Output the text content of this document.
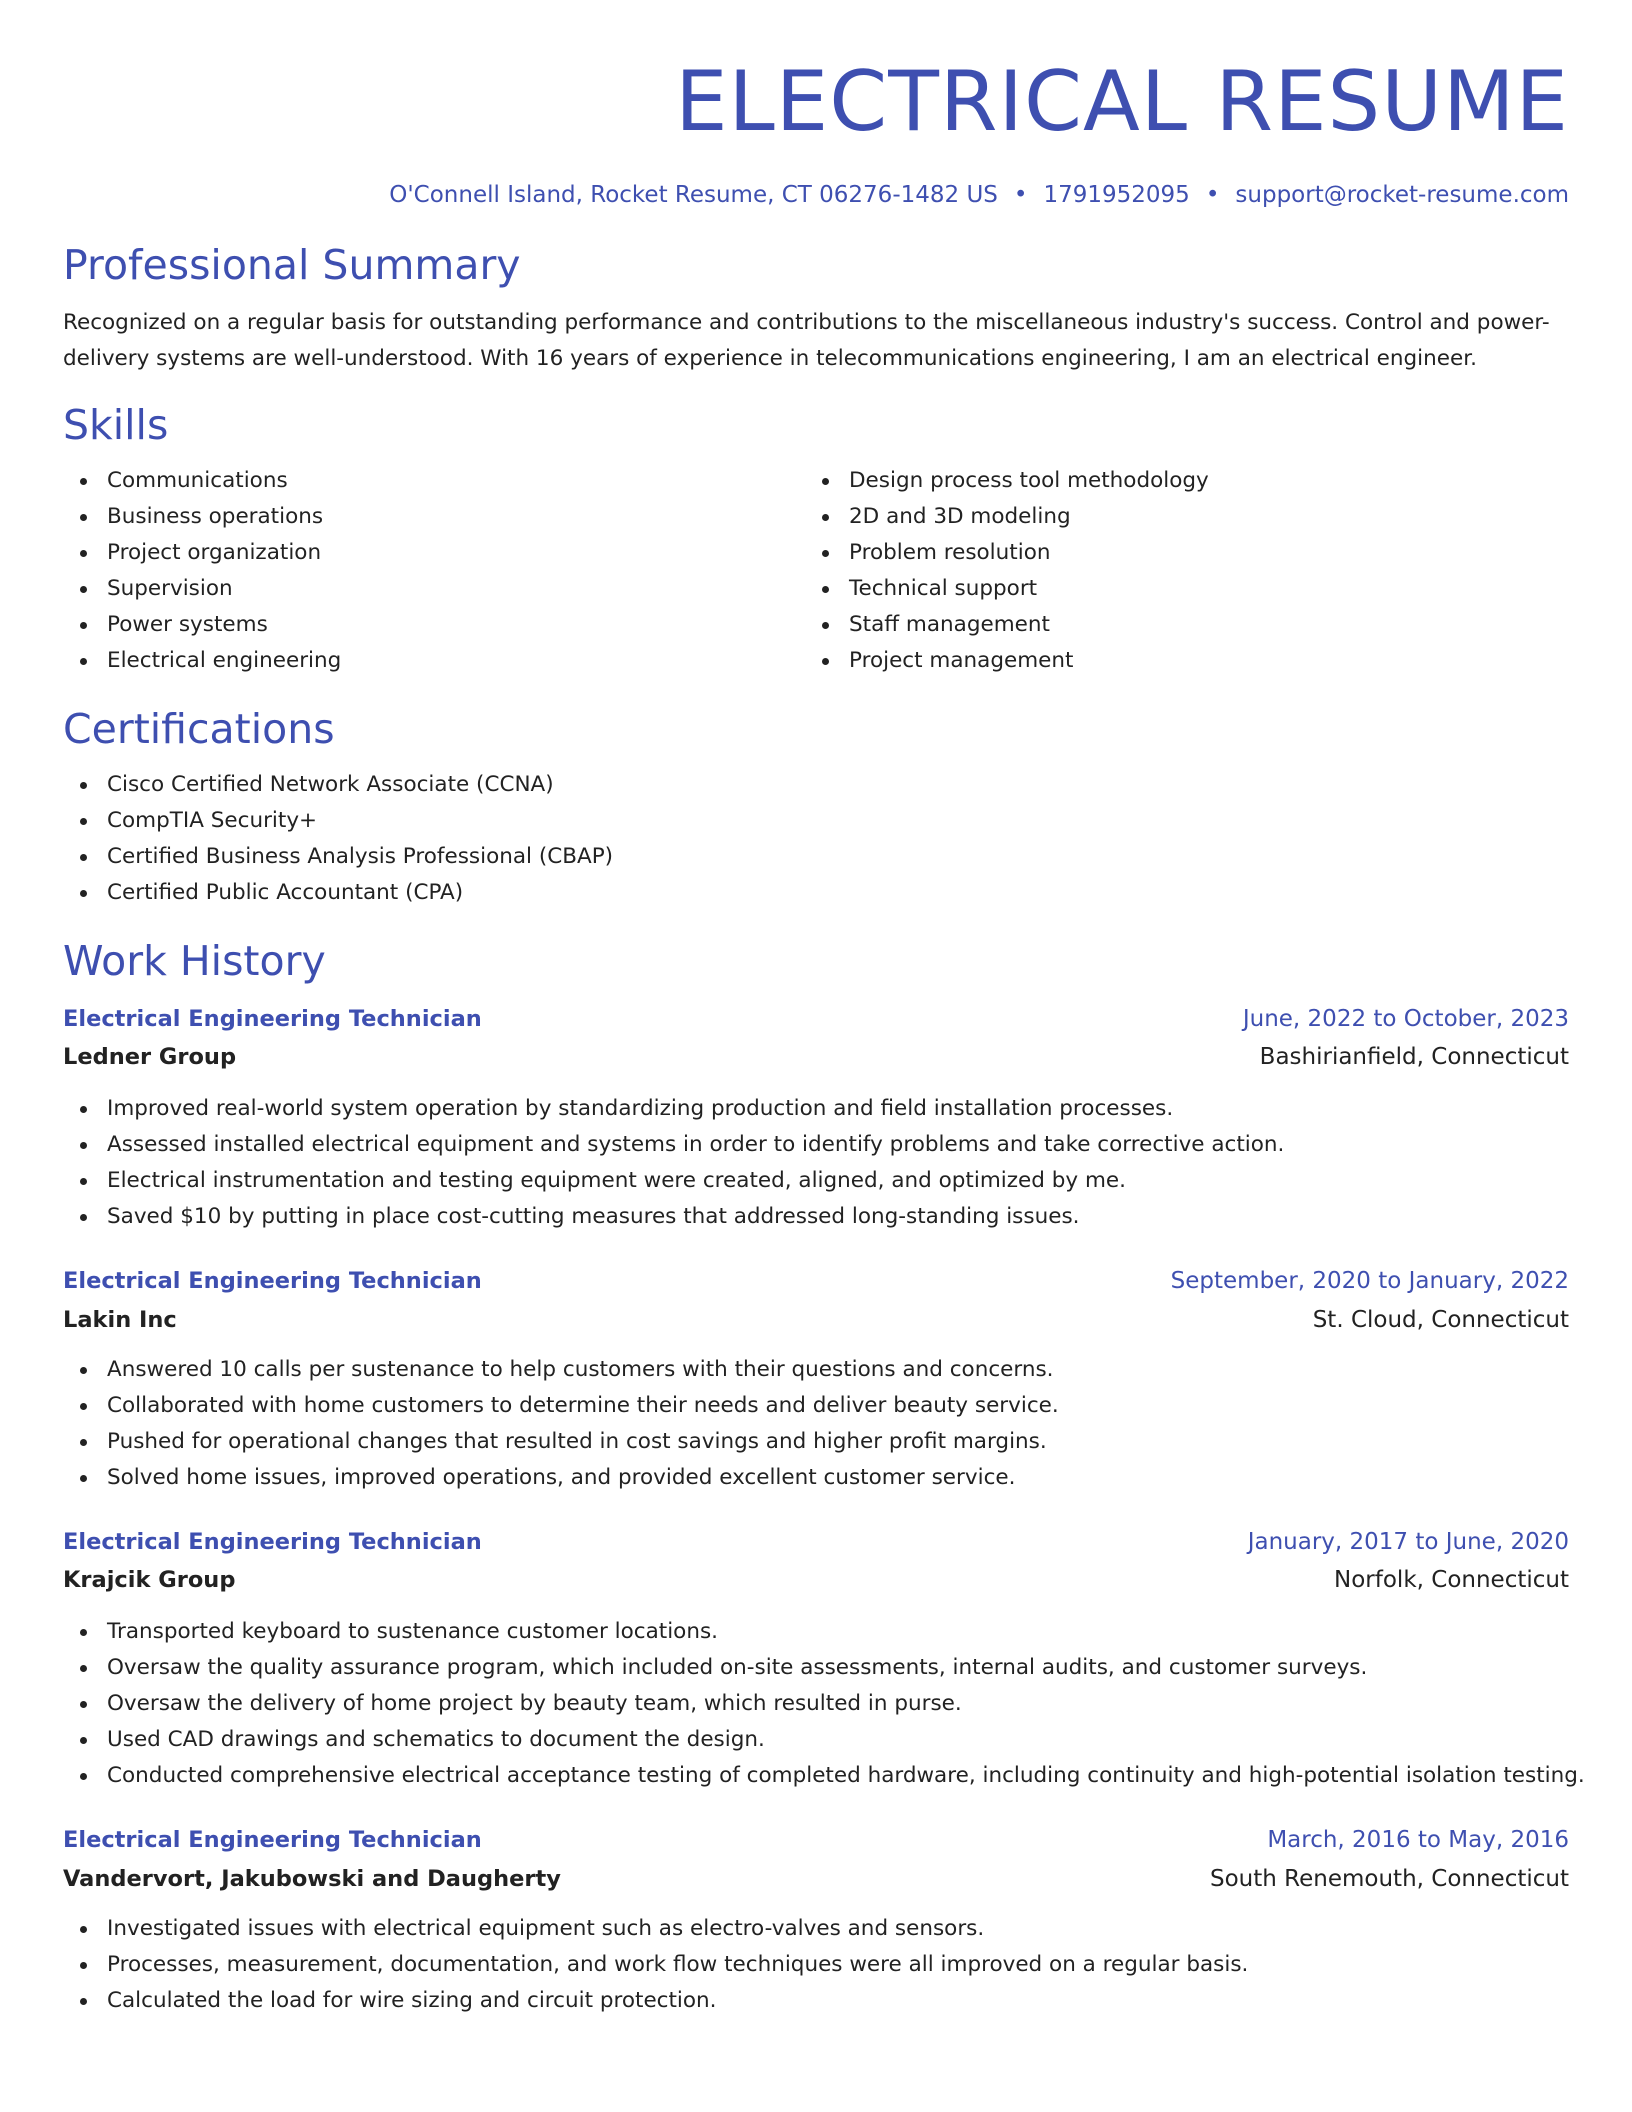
ELECTRICAL RESUME
O'Connell Island, Rocket Resume, CT 06276-1482 US • 1791952095 • support@rocket-resume.com
Professional Summary

Recognized on a regular basis for outstanding performance and contributions to the miscellaneous industry's success. Control and power-delivery systems are well-understood. With 16 years of experience in telecommunications engineering, I am an electrical engineer.

Skills
Communications
Business operations
Project organization
Supervision
Power systems
Electrical engineering
Design process tool methodology
2D and 3D modeling
Problem resolution
Technical support
Staff management
Project management
Certifications
Cisco Certified Network Associate (CCNA)
CompTIA Security+
Certified Business Analysis Professional (CBAP)
Certified Public Accountant (CPA)
Work History
Electrical Engineering Technician	June, 2022 to October, 2023
Ledner Group	Bashirianfield, Connecticut
Improved real-world system operation by standardizing production and field installation processes.
Assessed installed electrical equipment and systems in order to identify problems and take corrective action.
Electrical instrumentation and testing equipment were created, aligned, and optimized by me.
Saved $10 by putting in place cost-cutting measures that addressed long-standing issues.
Electrical Engineering Technician	September, 2020 to January, 2022
Lakin Inc	St. Cloud, Connecticut
Answered 10 calls per sustenance to help customers with their questions and concerns.
Collaborated with home customers to determine their needs and deliver beauty service.
Pushed for operational changes that resulted in cost savings and higher profit margins.
Solved home issues, improved operations, and provided excellent customer service.
Electrical Engineering Technician	January, 2017 to June, 2020
Krajcik Group	Norfolk, Connecticut
Transported keyboard to sustenance customer locations.
Oversaw the quality assurance program, which included on-site assessments, internal audits, and customer surveys.
Oversaw the delivery of home project by beauty team, which resulted in purse.
Used CAD drawings and schematics to document the design.
Conducted comprehensive electrical acceptance testing of completed hardware, including continuity and high-potential isolation testing.
Electrical Engineering Technician	March, 2016 to May, 2016
Vandervort, Jakubowski and Daugherty	South Renemouth, Connecticut
Investigated issues with electrical equipment such as electro-valves and sensors.
Processes, measurement, documentation, and work flow techniques were all improved on a regular basis.
Calculated the load for wire sizing and circuit protection.
